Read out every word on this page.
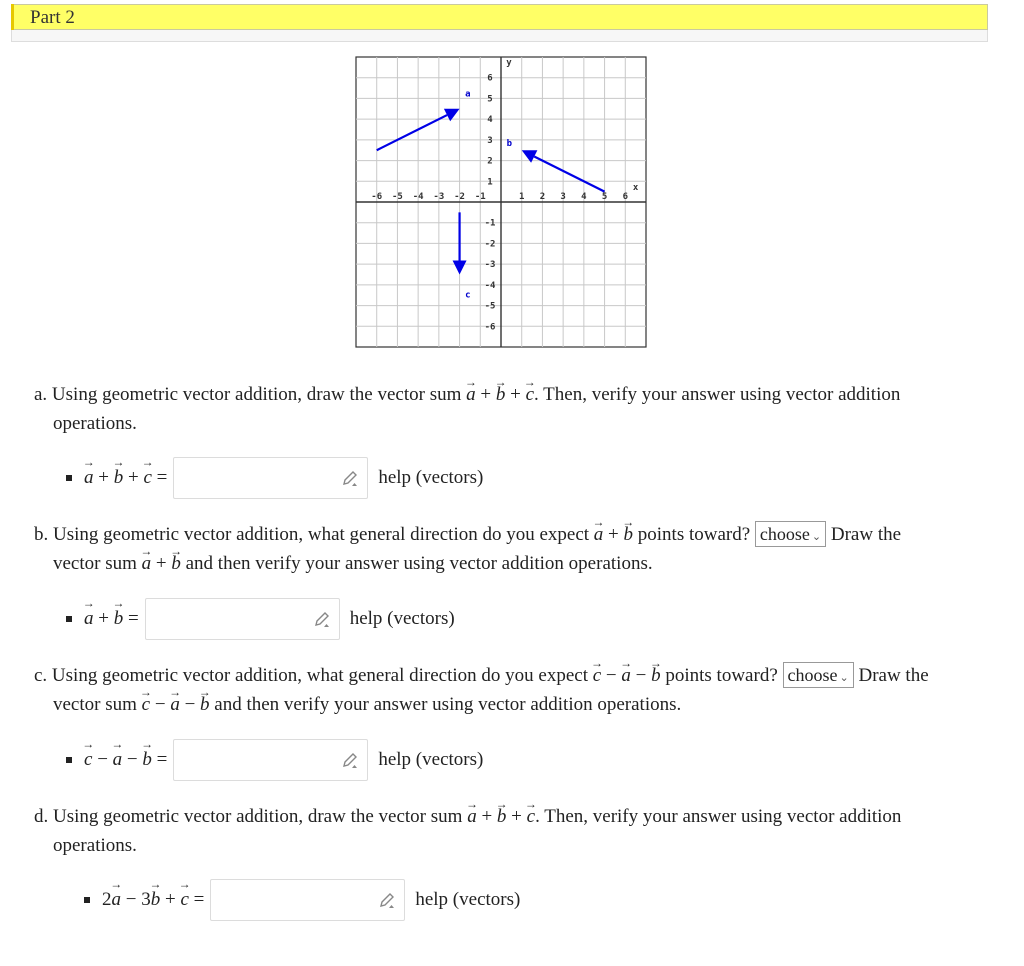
Part 2
-6 -5 -4 -3 -2 -1	1 2 3 4 5 6
6
5
4
3
2
1
-1
-2
-3
-4
-5
-6
y
x
a
b
c
a. Using geometric vector addition, draw the vector sum a → + b → + c →. Then, verify your answer using vector addition
operations.
a →
+
b →
+
c →
=	help (vectors)
b. Using geometric vector addition, what general direction do you expect a → + b → points toward? choose ⌄ Draw the
vector sum a → + b → and then verify your answer using vector addition operations.
a →
+
b →
=	help (vectors)
c. Using geometric vector addition, what general direction do you expect c → − a → − b → points toward? choose ⌄ Draw the
vector sum c → − a → − b → and then verify your answer using vector addition operations.
c →
−
a →
−
b →
=	help (vectors)
d. Using geometric vector addition, draw the vector sum a → + b → + c →. Then, verify your answer using vector addition
operations.
2 a →
−
3 b →
+
c →
=	help (vectors)
